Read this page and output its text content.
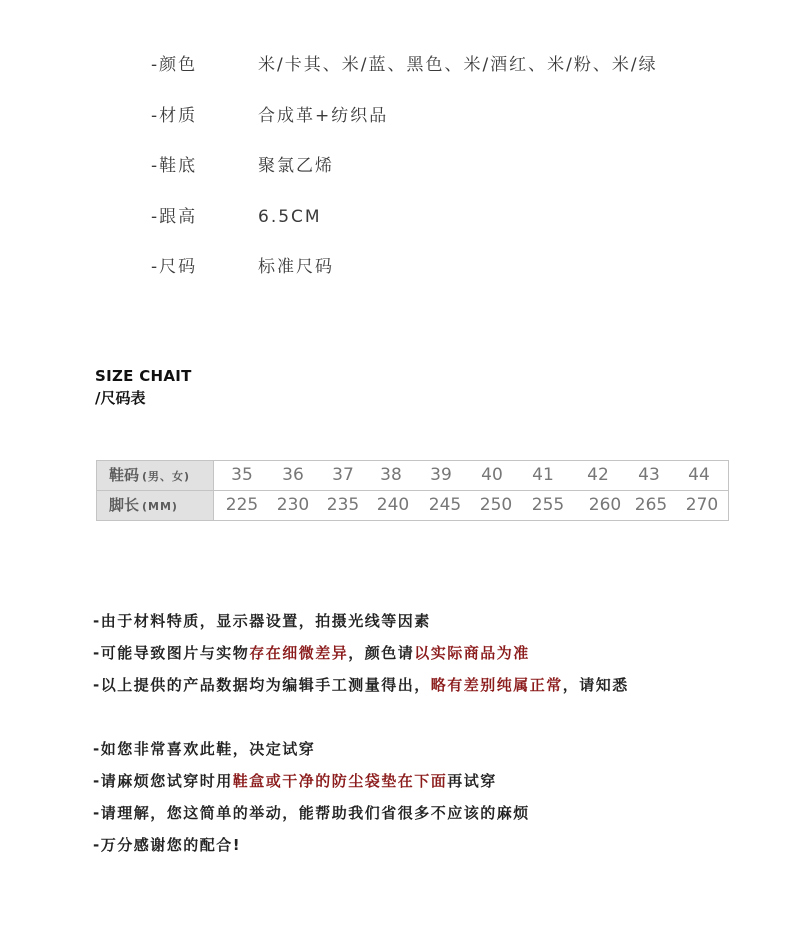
-颜色	米/卡其、米/蓝、黑色、米/酒红、米/粉、米/绿
-材质	合成革+纺织品
-鞋底	聚氯乙烯
-跟高	6.5CM
-尺码	标准尺码
SIZE CHAIT
/尺码表
鞋码 (男、女)	35	36	37	38	39	40	41	42	43	44
脚长 (MM)	225	230	235	240	245	250	255	260 265	270
-由于材料特质，显示器设置，拍摄光线等因素
-可能导致图片与实物存在细微差异，颜色请以实际商品为准
-以上提供的产品数据均为编辑手工测量得出，略有差别纯属正常，请知悉
-如您非常喜欢此鞋，决定试穿
-请麻烦您试穿时用鞋盒或干净的防尘袋垫在下面再试穿
-请理解，您这简单的举动，能帮助我们省很多不应该的麻烦
-万分感谢您的配合!
